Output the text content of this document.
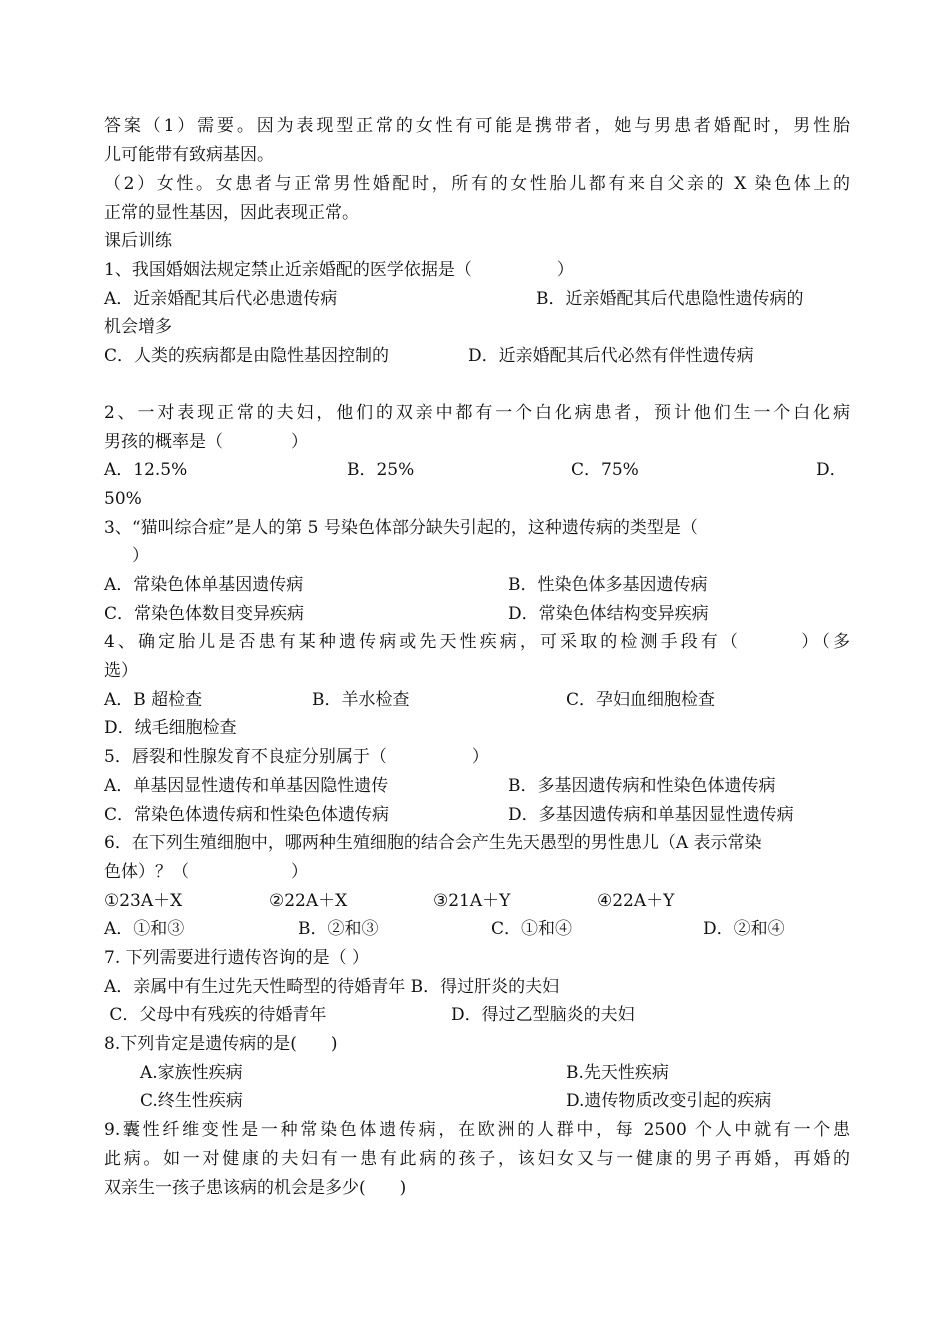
答案（1）需要。因为表现型正常的女性有可能是携带者，她与男患者婚配时，男性胎
儿可能带有致病基因。
（2）女性。女患者与正常男性婚配时，所有的女性胎儿都有来自父亲的 X 染色体上的
正常的显性基因，因此表现正常。
课后训练
1、我国婚姻法规定禁止近亲婚配的医学依据是（　　　　　）
A．近亲婚配其后代必患遗传病	B．近亲婚配其后代患隐性遗传病的
机会增多
C．人类的疾病都是由隐性基因控制的	D．近亲婚配其后代必然有伴性遗传病
2、一对表现正常的夫妇，他们的双亲中都有一个白化病患者，预计他们生一个白化病
男孩的概率是（　　　　）
A．12.5%	B．25%	C．75%	D．
50%
3、“猫叫综合症”是人的第 5 号染色体部分缺失引起的，这种遗传病的类型是（
）
A．常染色体单基因遗传病	B．性染色体多基因遗传病
C．常染色体数目变异疾病	D．常染色体结构变异疾病
4、确定胎儿是否患有某种遗传病或先天性疾病，可采取的检测手段有（　　　）（多
选）
A．B 超检查	B．羊水检查	C．孕妇血细胞检查
D．绒毛细胞检查
5．唇裂和性腺发育不良症分别属于（　　　　　）
A．单基因显性遗传和单基因隐性遗传	B．多基因遗传病和性染色体遗传病
C．常染色体遗传病和性染色体遗传病	D．多基因遗传病和单基因显性遗传病
6．在下列生殖细胞中，哪两种生殖细胞的结合会产生先天愚型的男性患儿（A 表示常染
色体）？（　　　　　　）
①23A＋X	②22A＋X	③21A＋Y	④22A＋Y
A．①和③	B．②和③	C．①和④	D．②和④
7. 下列需要进行遗传咨询的是（ ）
A．亲属中有生过先天性畸型的待婚青年 B．得过肝炎的夫妇
C．父母中有残疾的待婚青年	D．得过乙型脑炎的夫妇
8.下列肯定是遗传病的是(　　)
A.家族性疾病	B.先天性疾病
C.终生性疾病	D.遗传物质改变引起的疾病
9.囊性纤维变性是一种常染色体遗传病，在欧洲的人群中，每 2500 个人中就有一个患
此病。如一对健康的夫妇有一患有此病的孩子，该妇女又与一健康的男子再婚，再婚的
双亲生一孩子患该病的机会是多少(　　)
